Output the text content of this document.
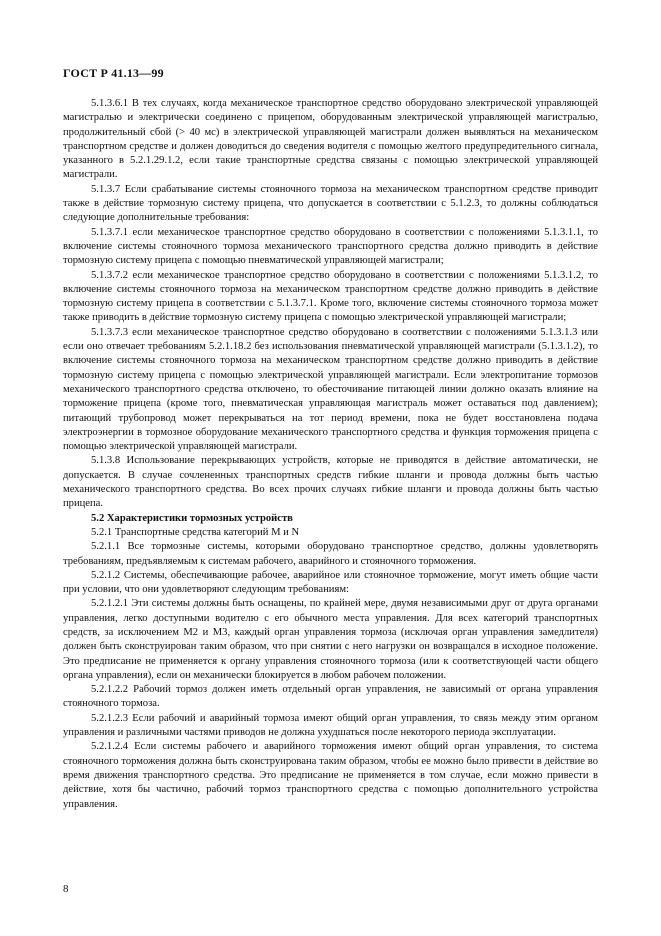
ГОСТ Р 41.13—99

5.1.3.6.1 В тех случаях, когда механическое транспортное средство оборудовано электрической управляющей магистралью и электрически соединено с прицепом, оборудованным электрической управляющей магистралью, продолжительный сбой (> 40 мс) в электрической управляющей магистрали должен выявляться на механическом транспортном средстве и должен доводиться до сведения водителя с помощью желтого предупредительного сигнала, указанного в 5.2.1.29.1.2, если такие транспортные средства связаны с помощью электрической управляющей магистрали.

5.1.3.7 Если срабатывание системы стояночного тормоза на механическом транспортном средстве приводит также в действие тормозную систему прицепа, что допускается в соответствии с 5.1.2.3, то должны соблюдаться следующие дополнительные требования:

5.1.3.7.1 если механическое транспортное средство оборудовано в соответствии с положениями 5.1.3.1.1, то включение системы стояночного тормоза механического транспортного средства должно приводить в действие тормозную систему прицепа с помощью пневматической управляющей магистрали;

5.1.3.7.2 если механическое транспортное средство оборудовано в соответствии с положениями 5.1.3.1.2, то включение системы стояночного тормоза на механическом транспортном средстве должно приводить в действие тормозную систему прицепа в соответствии с 5.1.3.7.1. Кроме того, включение системы стояночного тормоза может также приводить в действие тормозную систему прицепа с помощью электрической управляющей магистрали;

5.1.3.7.3 если механическое транспортное средство оборудовано в соответствии с положениями 5.1.3.1.3 или если оно отвечает требованиям 5.2.1.18.2 без использования пневматической управляющей магистрали (5.1.3.1.2), то включение системы стояночного тормоза на механическом транспортном средстве должно приводить в действие тормозную систему прицепа с помощью электрической управляющей магистрали. Если электропитание тормозов механического транспортного средства отключено, то обесточивание питающей линии должно оказать влияние на торможение прицепа (кроме того, пневматическая управляющая магистраль может оставаться под давлением); питающий трубопровод может перекрываться на тот период времени, пока не будет восстановлена подача электроэнергии в тормозное оборудование механического транспортного средства и функция торможения прицепа с помощью электрической управляющей магистрали.

5.1.3.8 Использование перекрывающих устройств, которые не приводятся в действие автоматически, не допускается. В случае сочлененных транспортных средств гибкие шланги и провода должны быть частью механического транспортного средства. Во всех прочих случаях гибкие шланги и провода должны быть частью прицепа.

5.2 Характеристики тормозных устройств

5.2.1 Транспортные средства категорий M и N

5.2.1.1 Все тормозные системы, которыми оборудовано транспортное средство, должны удовлетворять требованиям, предъявляемым к системам рабочего, аварийного и стояночного торможения.

5.2.1.2 Системы, обеспечивающие рабочее, аварийное или стояночное торможение, могут иметь общие части при условии, что они удовлетворяют следующим требованиям:

5.2.1.2.1 Эти системы должны быть оснащены, по крайней мере, двумя независимыми друг от друга органами управления, легко доступными водителю с его обычного места управления. Для всех категорий транспортных средств, за исключением M2 и M3, каждый орган управления тормоза (исключая орган управления замедлителя) должен быть сконструирован таким образом, что при снятии с него нагрузки он возвращался в исходное положение. Это предписание не применяется к органу управления стояночного тормоза (или к соответствующей части общего органа управления), если он механически блокируется в любом рабочем положении.

5.2.1.2.2 Рабочий тормоз должен иметь отдельный орган управления, не зависимый от органа управления стояночного тормоза.

5.2.1.2.3 Если рабочий и аварийный тормоза имеют общий орган управления, то связь между этим органом управления и различными частями приводов не должна ухудшаться после некоторого периода эксплуатации.

5.2.1.2.4 Если системы рабочего и аварийного торможения имеют общий орган управления, то система стояночного торможения должна быть сконструирована таким образом, чтобы ее можно было привести в действие во время движения транспортного средства. Это предписание не применяется в том случае, если можно привести в действие, хотя бы частично, рабочий тормоз транспортного средства с помощью дополнительного устройства управления.

8
